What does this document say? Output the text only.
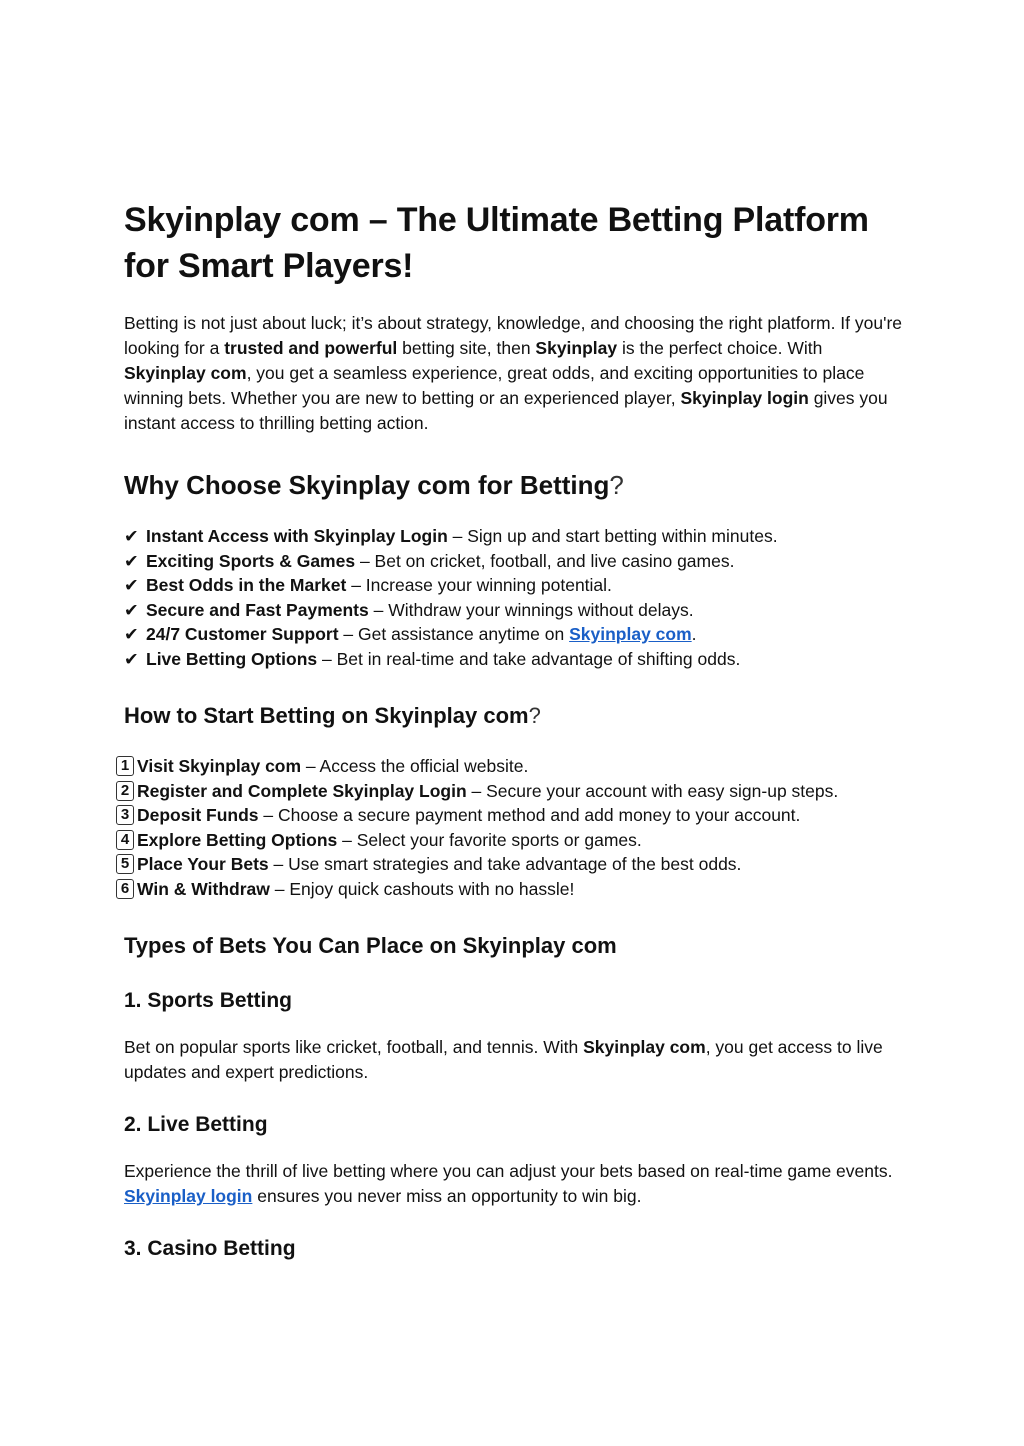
Skyinplay com – The Ultimate Betting Platform for Smart Players!

Betting is not just about luck; it’s about strategy, knowledge, and choosing the right platform. If you're looking for a trusted and powerful betting site, then Skyinplay is the perfect choice. With Skyinplay com, you get a seamless experience, great odds, and exciting opportunities to place winning bets. Whether you are new to betting or an experienced player, Skyinplay login gives you instant access to thrilling betting action.

Why Choose Skyinplay com for Betting?
✔ Instant Access with Skyinplay Login – Sign up and start betting within minutes.
✔ Exciting Sports & Games – Bet on cricket, football, and live casino games.
✔ Best Odds in the Market – Increase your winning potential.
✔ Secure and Fast Payments – Withdraw your winnings without delays.
✔ 24/7 Customer Support – Get assistance anytime on Skyinplay com.
✔ Live Betting Options – Bet in real-time and take advantage of shifting odds.
How to Start Betting on Skyinplay com?
1 Visit Skyinplay com – Access the official website.
2 Register and Complete Skyinplay Login – Secure your account with easy sign-up steps.
3 Deposit Funds – Choose a secure payment method and add money to your account.
4 Explore Betting Options – Select your favorite sports or games.
5 Place Your Bets – Use smart strategies and take advantage of the best odds.
6 Win & Withdraw – Enjoy quick cashouts with no hassle!
Types of Bets You Can Place on Skyinplay com
1. Sports Betting

Bet on popular sports like cricket, football, and tennis. With Skyinplay com, you get access to live updates and expert predictions.

2. Live Betting

Experience the thrill of live betting where you can adjust your bets based on real-time game events. Skyinplay login ensures you never miss an opportunity to win big.

3. Casino Betting
